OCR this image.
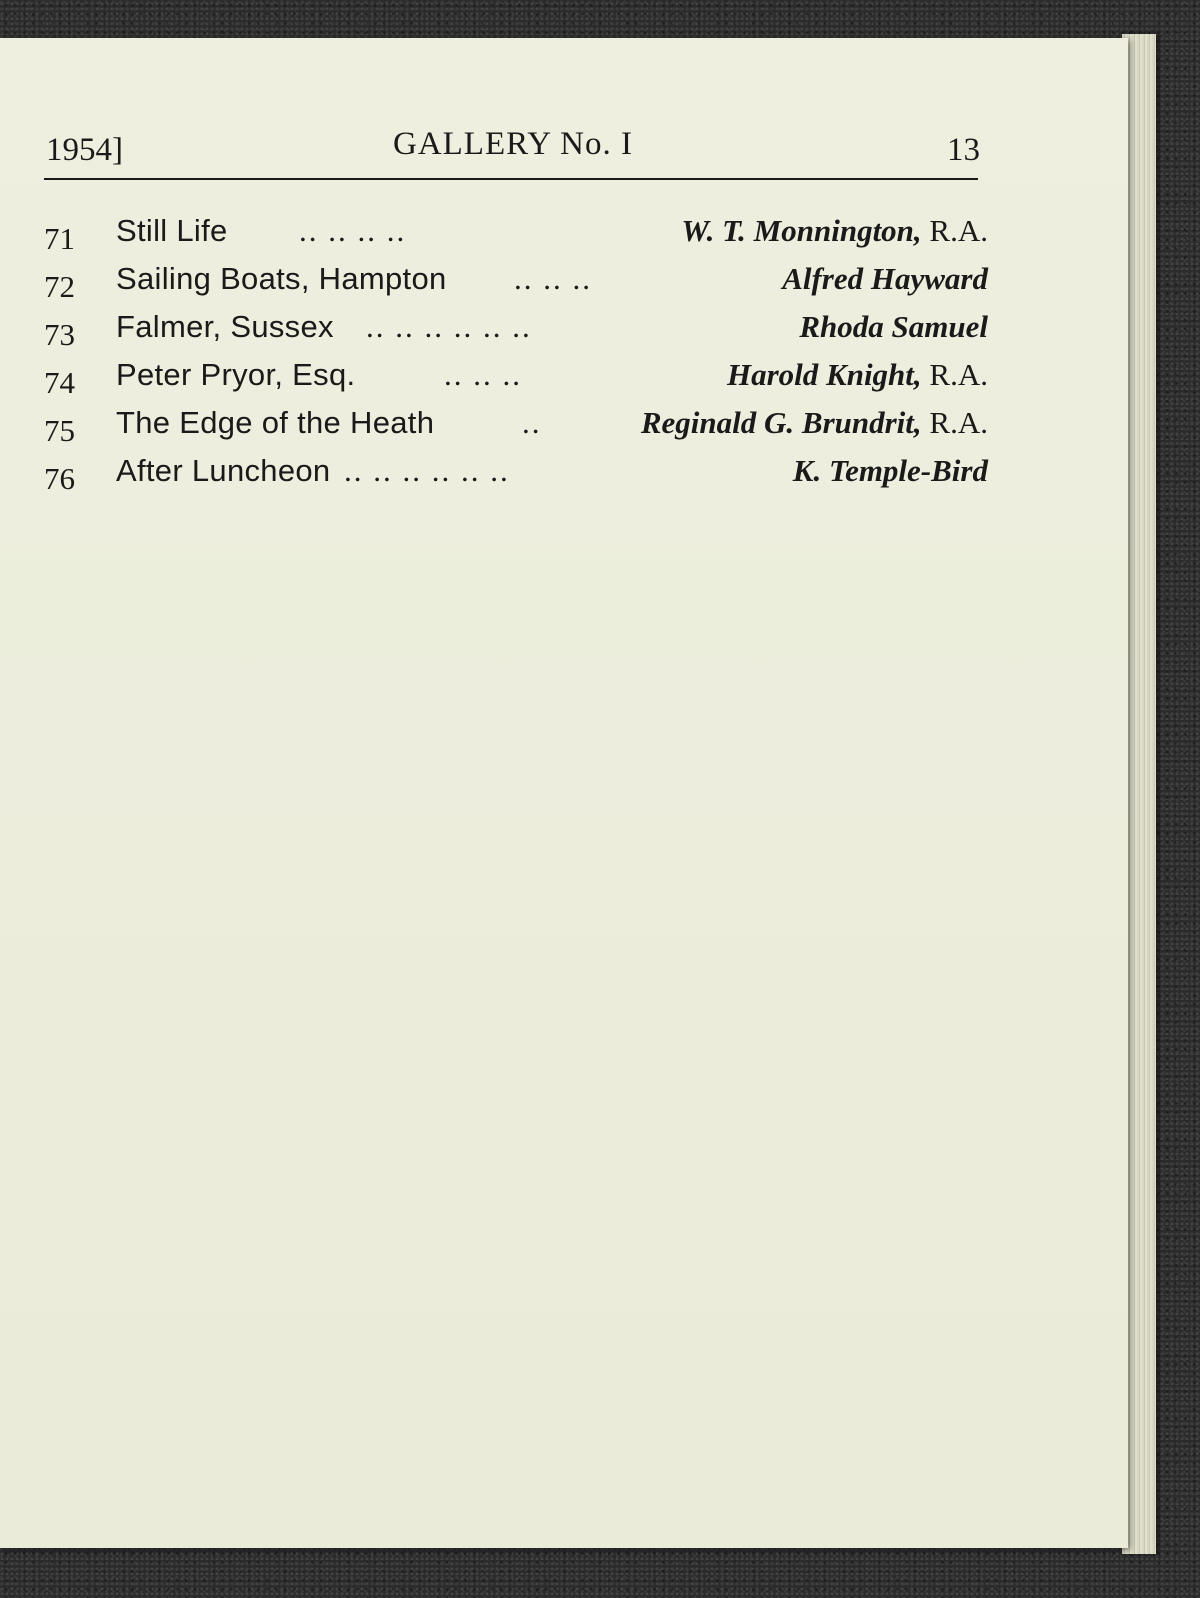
1954]	GALLERY No. I	13
71 Still Life .. .. .. ..	W. T. Monnington, R.A.
72 Sailing Boats, Hampton .. .. ..	Alfred Hayward
73 Falmer, Sussex .. .. .. .. .. ..	Rhoda Samuel
74 Peter Pryor, Esq.	.. .. ..	Harold Knight, R.A.
75 The Edge of the Heath	..	Reginald G. Brundrit, R.A.
76 After Luncheon .. .. .. .. .. ..	K. Temple-Bird
